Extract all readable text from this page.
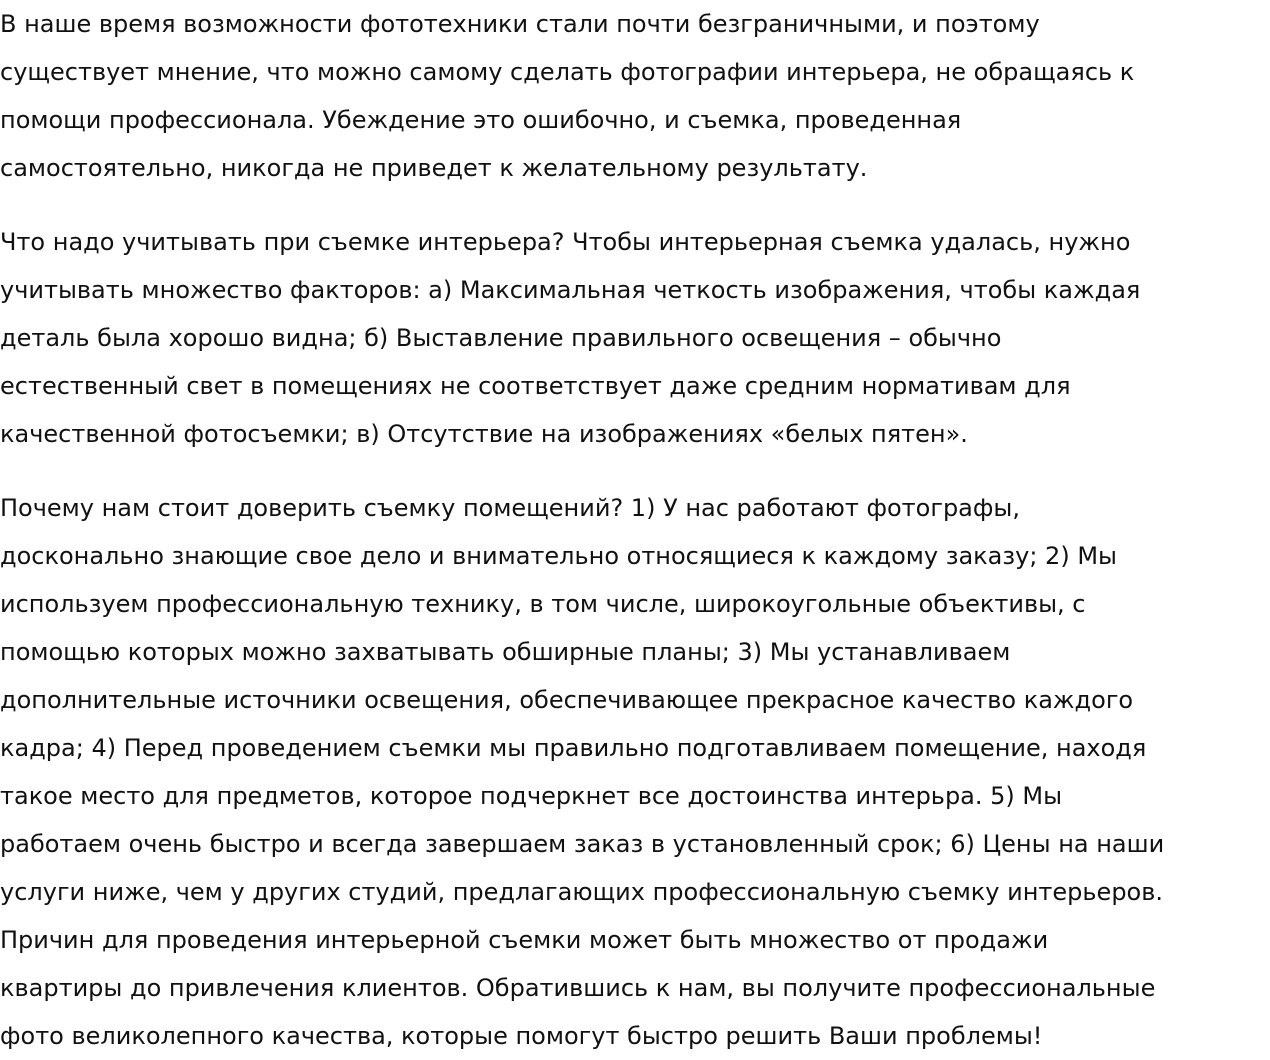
В наше время возможности фототехники стали почти безграничными, и поэтому
существует мнение, что можно самому сделать фотографии интерьера, не обращаясь к
помощи профессионала. Убеждение это ошибочно, и съемка, проведенная
самостоятельно, никогда не приведет к желательному результату.

Что надо учитывать при съемке интерьера? Чтобы интерьерная съемка удалась, нужно
учитывать множество факторов: а) Максимальная четкость изображения, чтобы каждая
деталь была хорошо видна; б) Выставление правильного освещения – обычно
естественный свет в помещениях не соответствует даже средним нормативам для
качественной фотосъемки; в) Отсутствие на изображениях «белых пятен».

Почему нам стоит доверить съемку помещений? 1) У нас работают фотографы,
досконально знающие свое дело и внимательно относящиеся к каждому заказу; 2) Мы
используем профессиональную технику, в том числе, широкоугольные объективы, с
помощью которых можно захватывать обширные планы; 3) Мы устанавливаем
дополнительные источники освещения, обеспечивающее прекрасное качество каждого
кадра; 4) Перед проведением съемки мы правильно подготавливаем помещение, находя
такое место для предметов, которое подчеркнет все достоинства интерьра. 5) Мы
работаем очень быстро и всегда завершаем заказ в установленный срок; 6) Цены на наши
услуги ниже, чем у других студий, предлагающих профессиональную съемку интерьеров.
Причин для проведения интерьерной съемки может быть множество от продажи
квартиры до привлечения клиентов. Обратившись к нам, вы получите профессиональные
фото великолепного качества, которые помогут быстро решить Ваши проблемы!
